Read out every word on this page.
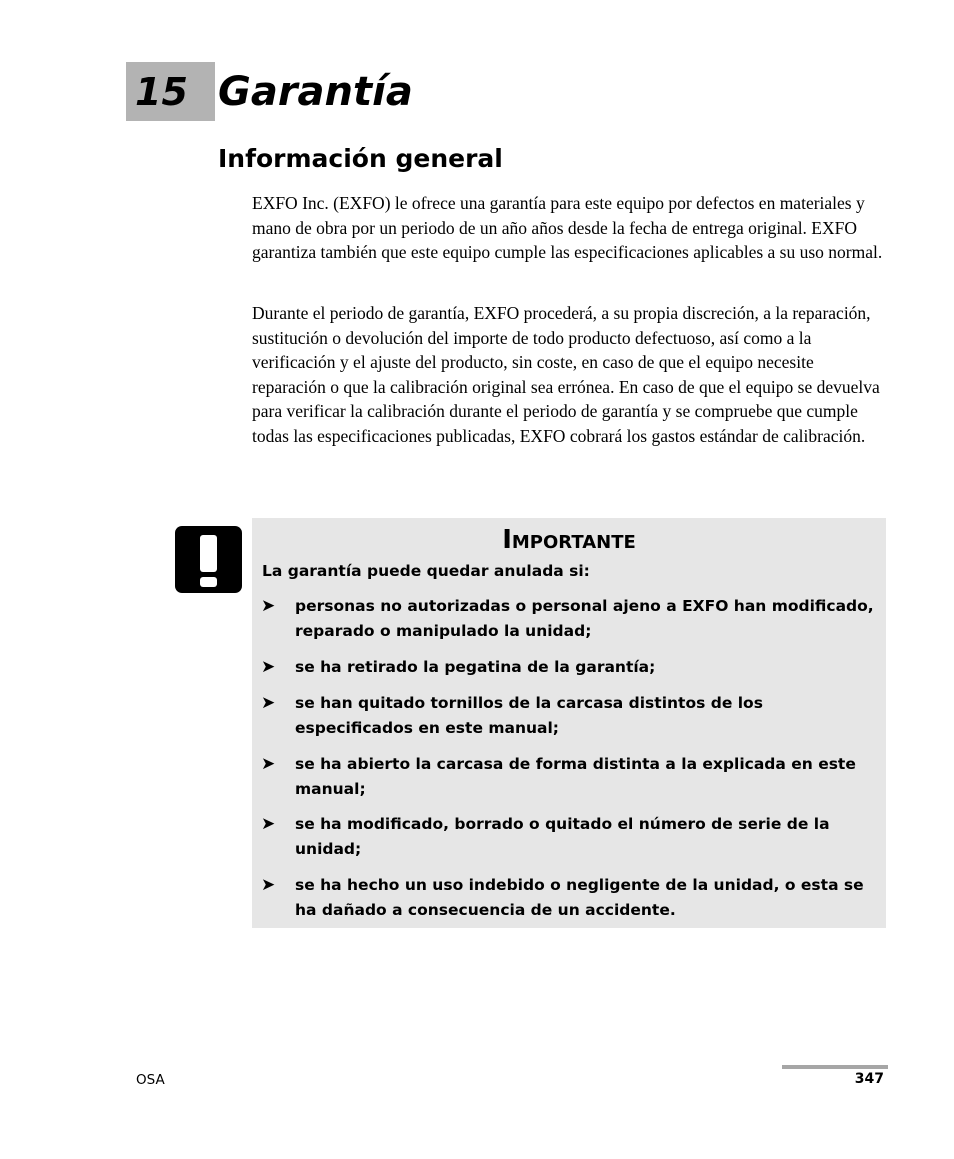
15 Garantía
Información general

EXFO Inc. (EXFO) le ofrece una garantía para este equipo por defectos en materiales y mano de obra por un periodo de un año años desde la fecha de entrega original. EXFO garantiza también que este equipo cumple las especificaciones aplicables a su uso normal.

Durante el periodo de garantía, EXFO procederá, a su propia discreción, a la reparación, sustitución o devolución del importe de todo producto defectuoso, así como a la verificación y el ajuste del producto, sin coste, en caso de que el equipo necesite reparación o que la calibración original sea errónea. En caso de que el equipo se devuelva para verificar la calibración durante el periodo de garantía y se compruebe que cumple todas las especificaciones publicadas, EXFO cobrará los gastos estándar de calibración.

Importante

La garantía puede quedar anulada si:

➤ personas no autorizadas o personal ajeno a EXFO han modificado, reparado o manipulado la unidad;
➤ se ha retirado la pegatina de la garantía;
➤ se han quitado tornillos de la carcasa distintos de los especificados en este manual;
➤ se ha abierto la carcasa de forma distinta a la explicada en este manual;
➤ se ha modificado, borrado o quitado el número de serie de la unidad;
➤ se ha hecho un uso indebido o negligente de la unidad, o esta se ha dañado a consecuencia de un accidente.
OSA	347
